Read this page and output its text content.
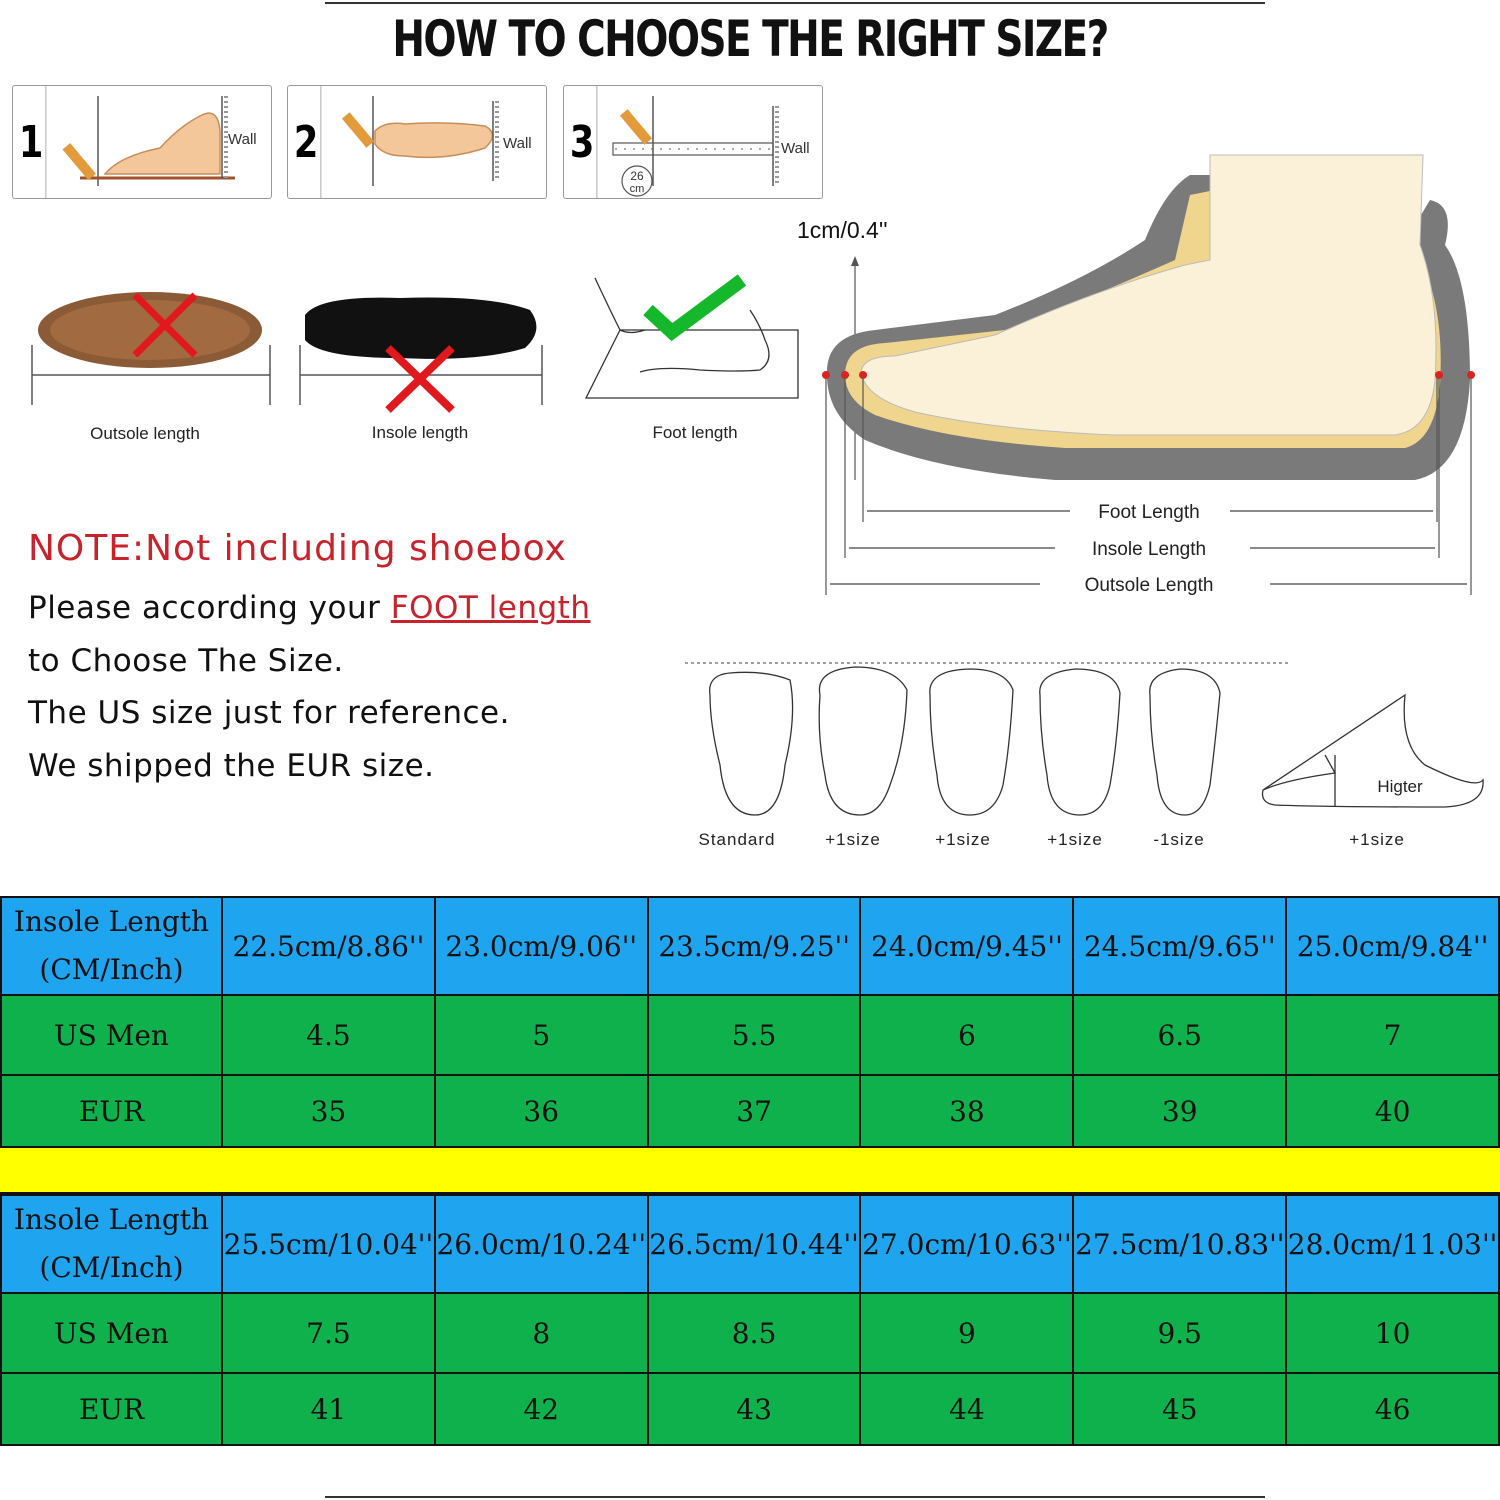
HOW TO CHOOSE THE RIGHT SIZE?
1	Wall 2	Wall 3
26
cm
Wall
Outsole length	Insole length	Foot length
1cm/0.4''
Foot Length
Insole Length
Outsole Length
NOTE:Not including shoebox
Please according your FOOT length
to Choose The Size.
The US size just for reference.
We shipped the EUR size.
Higter
Standard	+1size	+1size	+1size	-1size	+1size
Insole Length
(CM/Inch)	22.5cm/8.86''	23.0cm/9.06''	23.5cm/9.25''	24.0cm/9.45''	24.5cm/9.65''	25.0cm/9.84''
US Men	4.5	5	5.5	6	6.5	7
EUR	35	36	37	38	39	40
Insole Length
(CM/Inch)	25.5cm/10.04''	26.0cm/10.24''	26.5cm/10.44''	27.0cm/10.63''	27.5cm/10.83''	28.0cm/11.03''
US Men	7.5	8	8.5	9	9.5	10
EUR	41	42	43	44	45	46
